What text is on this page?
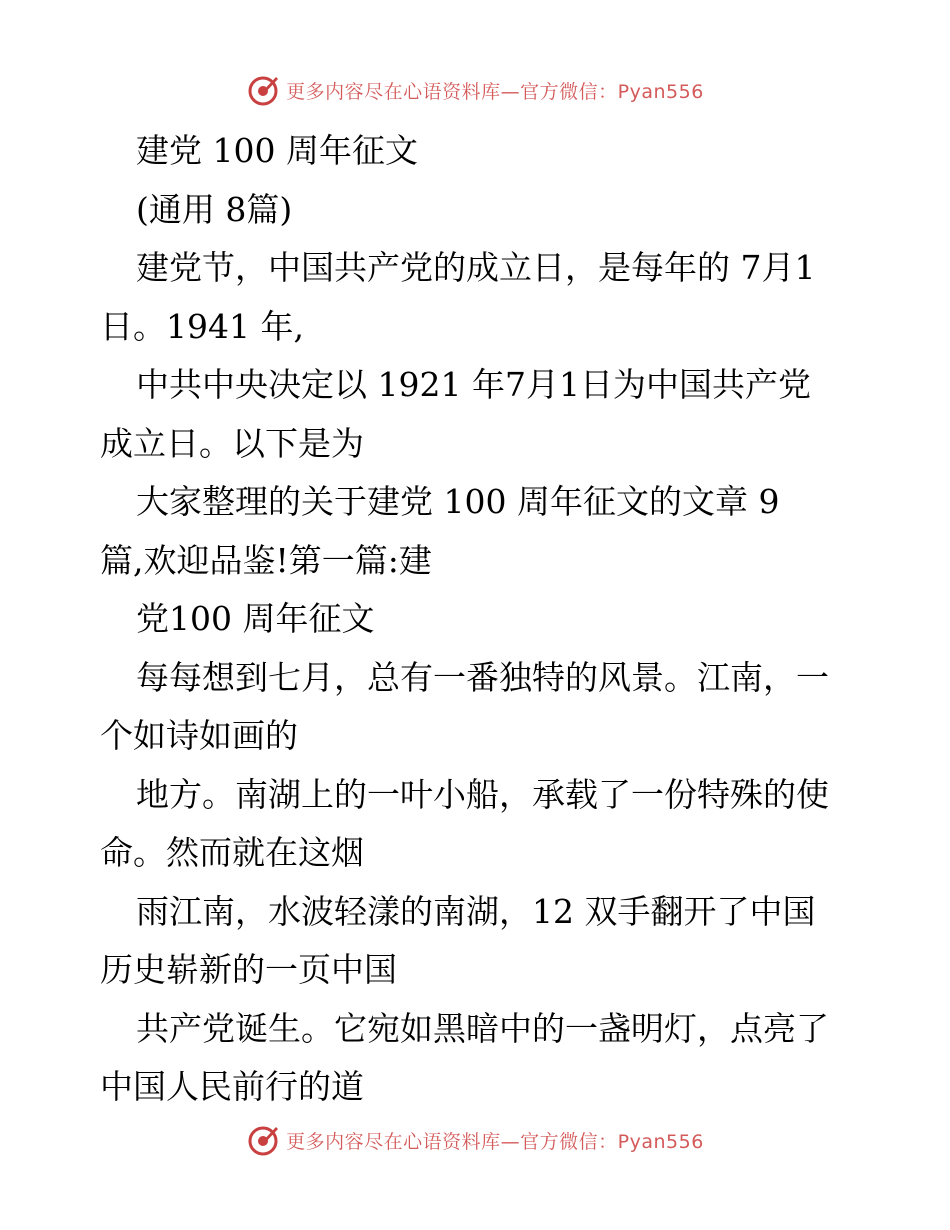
更多内容尽在心语资料库—官方微信：Pyan556
建党 100 周年征文
(通用 8篇)
建党节，中国共产党的成立日，是每年的 7月1
日。1941 年,
中共中央决定以 1921 年7月1日为中国共产党
成立日。以下是为
大家整理的关于建党 100 周年征文的文章 9
篇,欢迎品鉴!第一篇:建
党100 周年征文
每每想到七月，总有一番独特的风景。江南，一
个如诗如画的
地方。南湖上的一叶小船，承载了一份特殊的使
命。然而就在这烟
雨江南，水波轻漾的南湖，12 双手翻开了中国
历史崭新的一页中国
共产党诞生。它宛如黑暗中的一盏明灯，点亮了
中国人民前行的道
更多内容尽在心语资料库—官方微信：Pyan556
